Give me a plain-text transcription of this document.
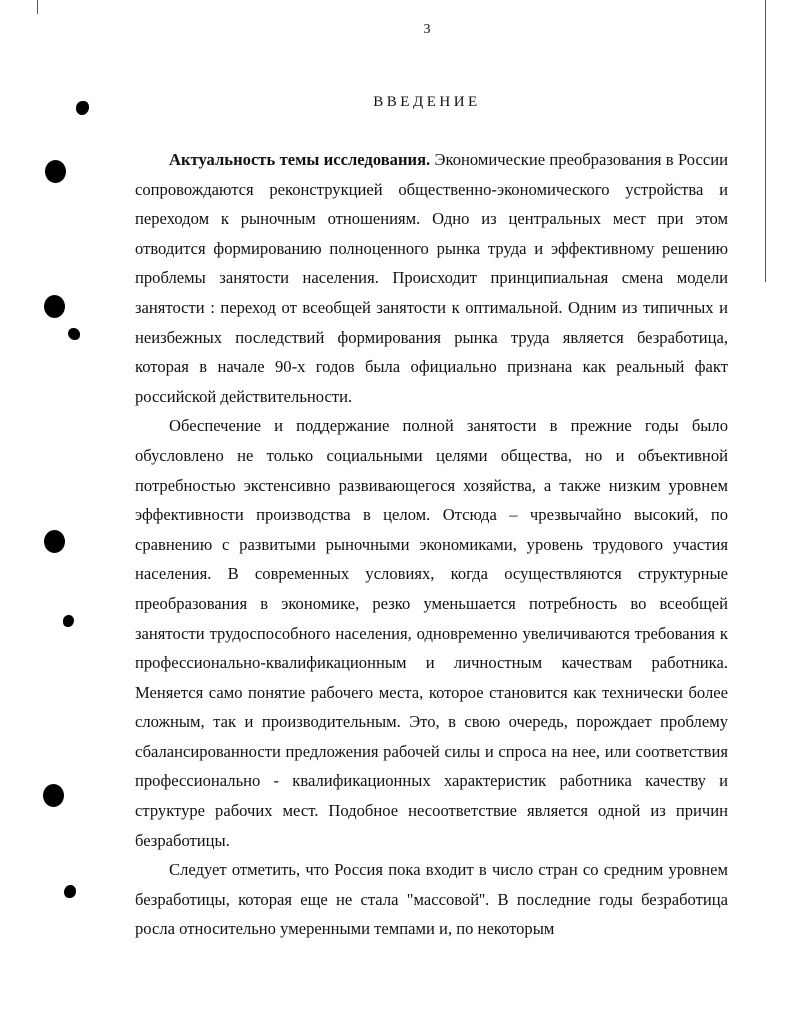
3
ВВЕДЕНИЕ

Актуальность темы исследования. Экономические преобразования в России сопровождаются реконструкцией общественно-экономического устройства и переходом к рыночным отношениям. Одно из центральных мест при этом отводится формированию полноценного рынка труда и эффективному решению проблемы занятости населения. Происходит принципиальная смена модели занятости : переход от всеобщей занятости к оптимальной. Одним из типичных и неизбежных последствий формирования рынка труда является безработица, которая в начале 90-х годов была официально признана как реальный факт российской действительности.

Обеспечение и поддержание полной занятости в прежние годы было обусловлено не только социальными целями общества, но и объективной потребностью экстенсивно развивающегося хозяйства, а также низким уровнем эффективности производства в целом. Отсюда – чрезвычайно высокий, по сравнению с развитыми рыночными экономиками, уровень трудового участия населения. В современных условиях, когда осуществляются структурные преобразования в экономике, резко уменьшается потребность во всеобщей занятости трудоспособного населения, одновременно увеличиваются требования к профессионально-квалификационным и личностным качествам работника. Меняется само понятие рабочего места, которое становится как технически более сложным, так и производительным. Это, в свою очередь, порождает проблему сбалансированности предложения рабочей силы и спроса на нее, или соответствия профессионально - квалификационных характеристик работника качеству и структуре рабочих мест. Подобное несоответствие является одной из причин безработицы.

Следует отметить, что Россия пока входит в число стран со средним уровнем безработицы, которая еще не стала "массовой''. В последние годы безработица росла относительно умеренными темпами и, по некоторым
